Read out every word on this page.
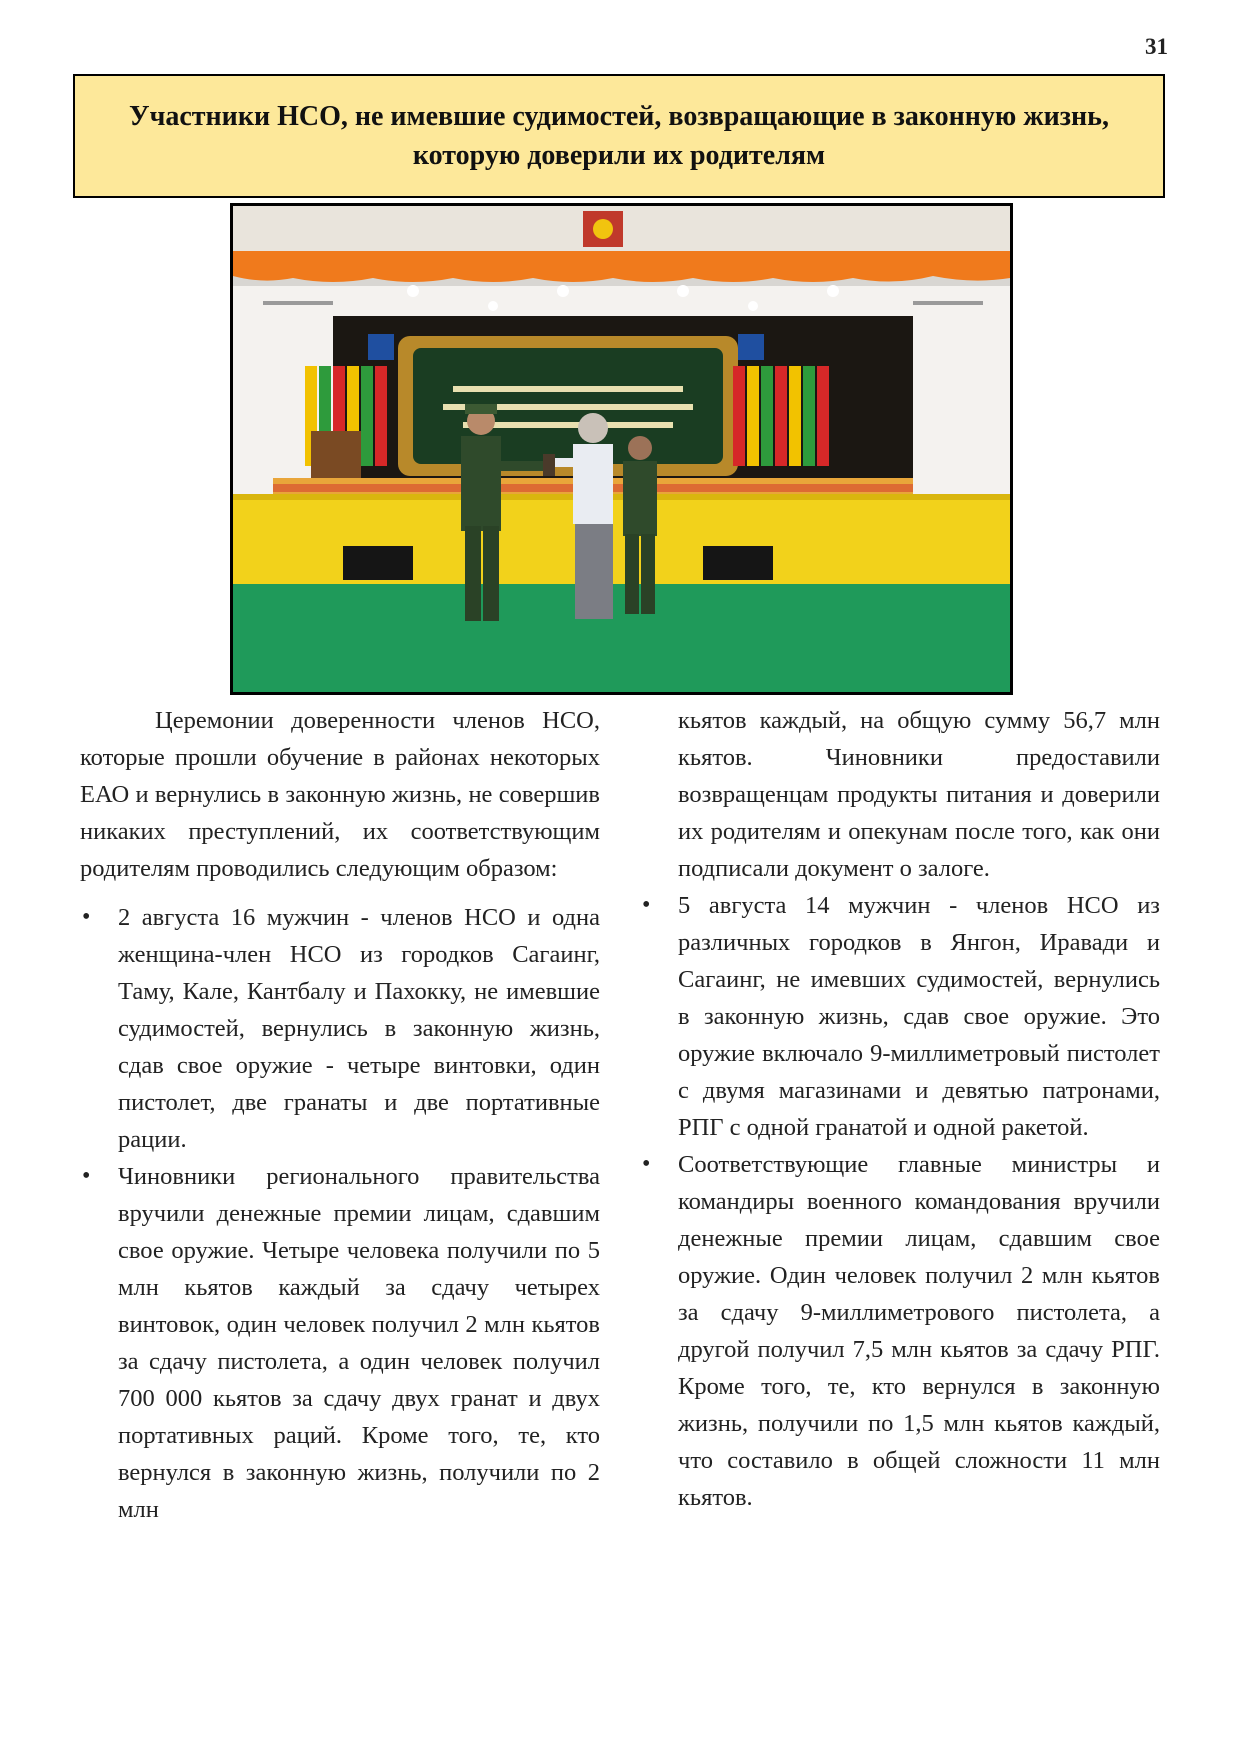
31
Участники НСО, не имевшие судимостей, возвращающие в законную жизнь, которую доверили их родителям

Церемонии доверенности членов НСО, которые прошли обучение в районах некоторых ЕАО и вернулись в законную жизнь, не совершив никаких преступлений, их соответствующим родителям проводились следующим образом:

• 2 августа 16 мужчин - членов НСО и одна женщина-член НСО из городков Сагаинг, Таму, Кале, Кантбалу и Пахокку, не имевшие судимостей, вернулись в законную жизнь, сдав свое оружие - четыре винтовки, один пистолет, две гранаты и две портативные рации.
• Чиновники регионального правительства вручили денежные премии лицам, сдавшим свое оружие. Четыре человека получили по 5 млн кьятов каждый за сдачу четырех винтовок, один человек получил 2 млн кьятов за сдачу пистолета, а один человек получил 700 000 кьятов за сдачу двух гранат и двух портативных раций. Кроме того, те, кто вернулся в законную жизнь, получили по 2 млн
кьятов каждый, на общую сумму 56,7 млн кьятов. Чиновники предоставили возвращенцам продукты питания и доверили их родителям и опекунам после того, как они подписали документ о залоге.
• 5 августа 14 мужчин - членов НСО из различных городков в Янгон, Иравади и Сагаинг, не имевших судимостей, вернулись в законную жизнь, сдав свое оружие. Это оружие включало 9-миллиметровый пистолет с двумя магазинами и девятью патронами, РПГ с одной гранатой и одной ракетой.
• Соответствующие главные министры и командиры военного командования вручили денежные премии лицам, сдавшим свое оружие. Один человек получил 2 млн кьятов за сдачу 9-миллиметрового пистолета, а другой получил 7,5 млн кьятов за сдачу РПГ. Кроме того, те, кто вернулся в законную жизнь, получили по 1,5 млн кьятов каждый, что составило в общей сложности 11 млн кьятов.
